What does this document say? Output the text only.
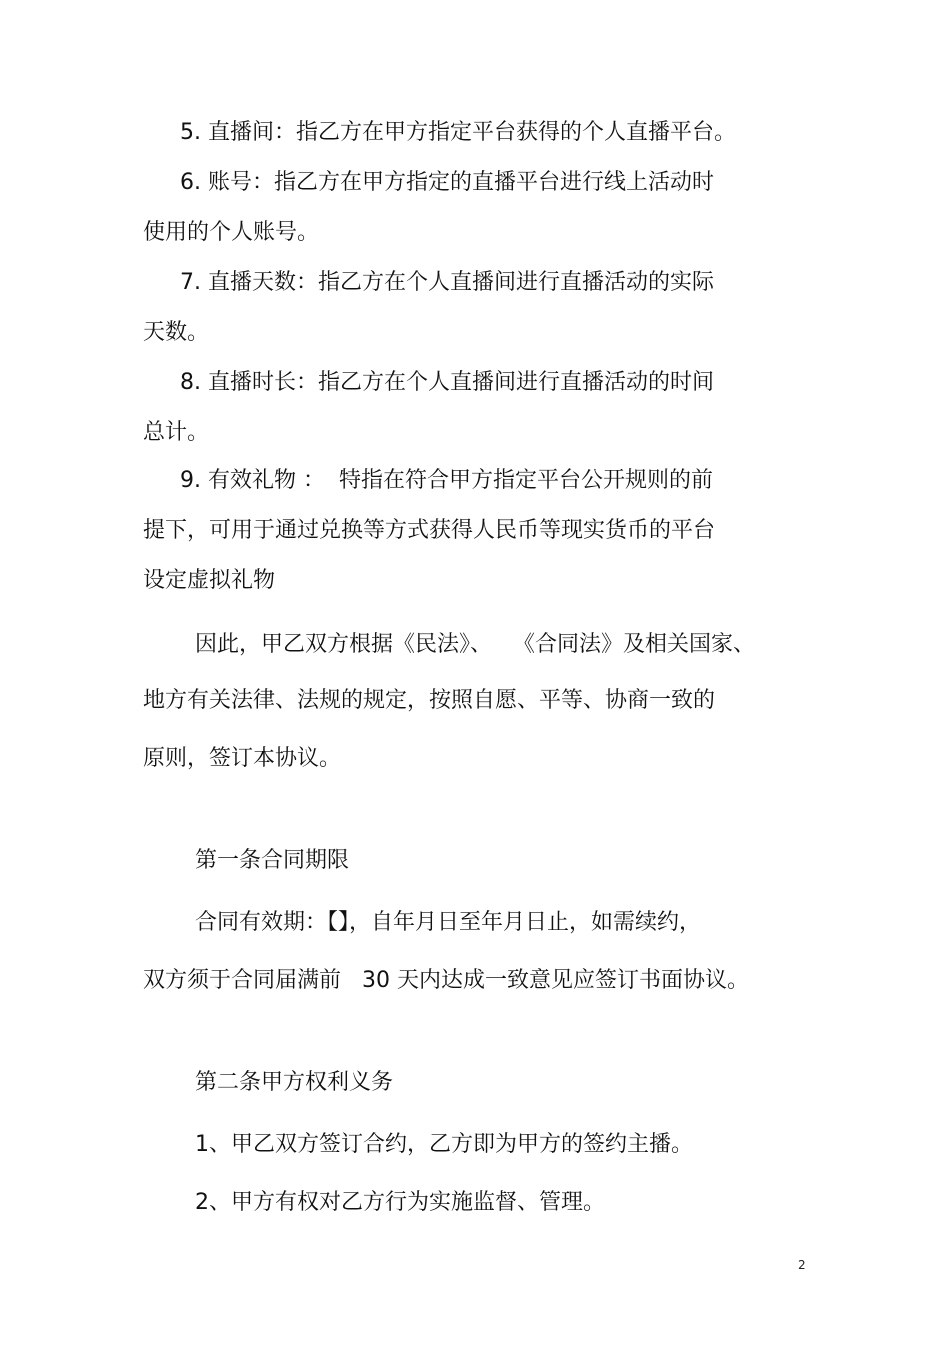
5. 直播间：指乙方在甲方指定平台获得的个人直播平台。

6. 账号：指乙方在甲方指定的直播平台进行线上活动时

使用的个人账号。

7. 直播天数：指乙方在个人直播间进行直播活动的实际

天数。

8. 直播时长：指乙方在个人直播间进行直播活动的时间

总计。

9. 有效礼物 ：  特指在符合甲方指定平台公开规则的前

提下，可用于通过兑换等方式获得人民币等现实货币的平台

设定虚拟礼物

因此，甲乙双方根据《民法》、   《合同法》及相关国家、

地方有关法律、法规的规定，按照自愿、平等、协商一致的

原则，签订本协议。

第一条合同期限

合同有效期：【】，自年月日至年月日止，如需续约，

双方须于合同届满前   30 天内达成一致意见应签订书面协议。

第二条甲方权利义务

1、甲乙双方签订合约，乙方即为甲方的签约主播。

2、甲方有权对乙方行为实施监督、管理。

2
